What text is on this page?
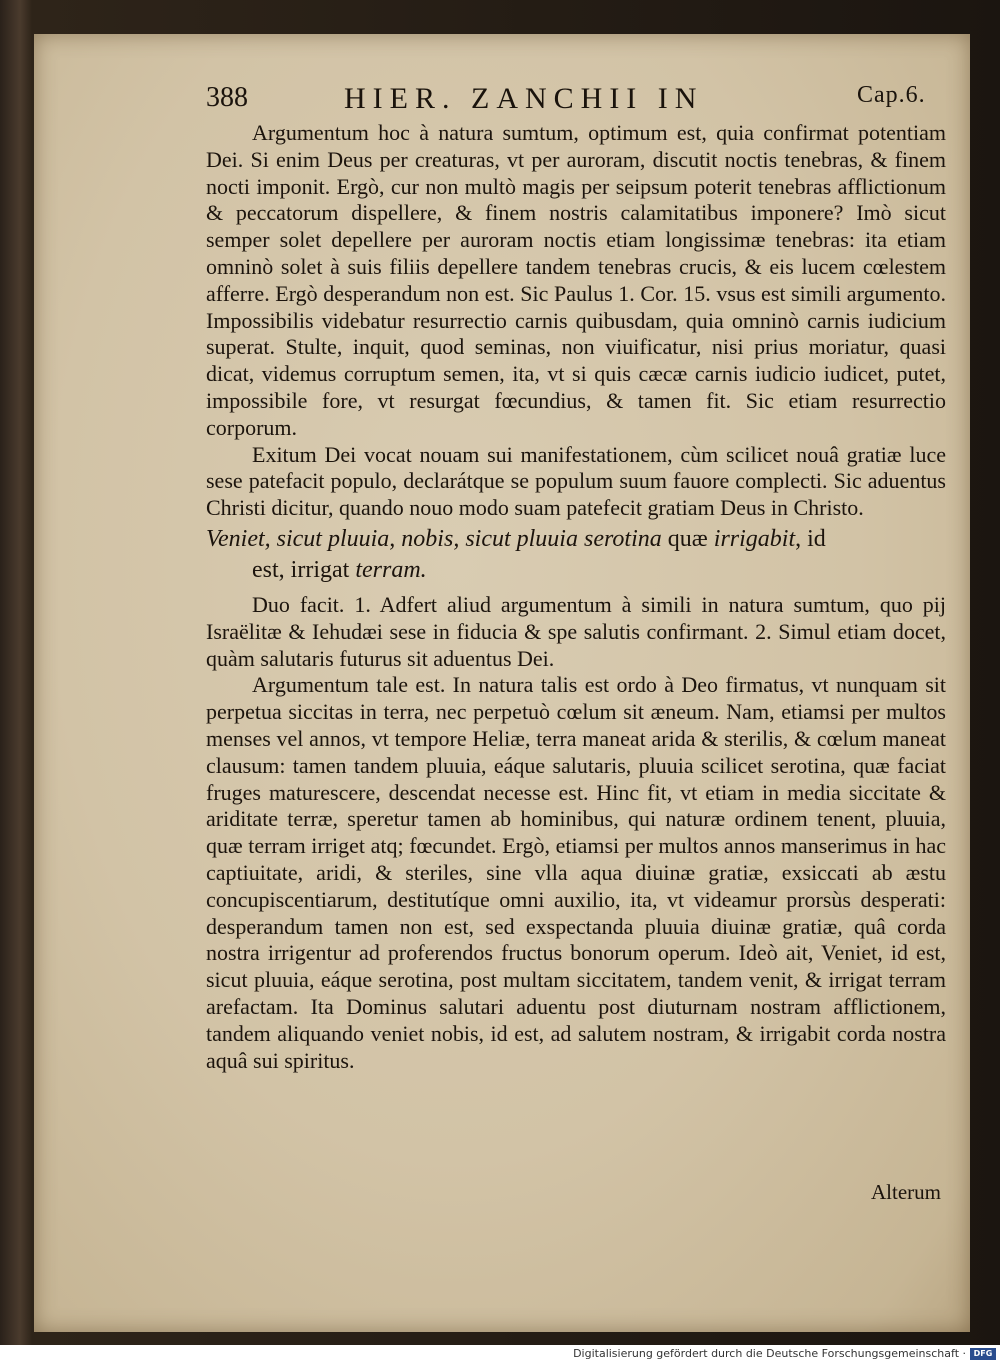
388	HIER. ZANCHII IN	Cap.6.

Argumentum hoc à natura sumtum, optimum est, quia confirmat potentiam Dei. Si enim Deus per creaturas, vt per auroram, discutit noctis tenebras, & finem nocti imponit. Ergò, cur non multò magis per seipsum poterit tenebras afflictionum & peccatorum dispellere, & finem nostris calamitatibus imponere? Imò sicut semper solet depellere per auroram noctis etiam longissimæ tenebras: ita etiam omninò solet à suis filiis depellere tandem tenebras crucis, & eis lucem cœlestem afferre. Ergò desperandum non est. Sic Paulus 1. Cor. 15. vsus est simili argumento. Impossibilis videbatur resurrectio carnis quibusdam, quia omninò carnis iudicium superat. Stulte, inquit, quod seminas, non viuificatur, nisi prius moriatur, quasi dicat, videmus corruptum semen, ita, vt si quis cæcæ carnis iudicio iudicet, putet, impossibile fore, vt resurgat fœcundius, & tamen fit. Sic etiam resurrectio corporum.

Exitum Dei vocat nouam sui manifestationem, cùm scilicet nouâ gratiæ luce sese patefacit populo, declarátque se populum suum fauore complecti. Sic aduentus Christi dicitur, quando nouo modo suam patefecit gratiam Deus in Christo.

Veniet, sicut pluuia, nobis, sicut pluuia serotina quæ irrigabit, id
est, irrigat terram.

Duo facit. 1. Adfert aliud argumentum à simili in natura sumtum, quo pij Israëlitæ & Iehudæi sese in fiducia & spe salutis confirmant. 2. Simul etiam docet, quàm salutaris futurus sit aduentus Dei.

Argumentum tale est. In natura talis est ordo à Deo firmatus, vt nunquam sit perpetua siccitas in terra, nec perpetuò cœlum sit æneum. Nam, etiamsi per multos menses vel annos, vt tempore Heliæ, terra maneat arida & sterilis, & cœlum maneat clausum: tamen tandem pluuia, eáque salutaris, pluuia scilicet serotina, quæ faciat fruges maturescere, descendat necesse est. Hinc fit, vt etiam in media siccitate & ariditate terræ, speretur tamen ab hominibus, qui naturæ ordinem tenent, pluuia, quæ terram irriget atq; fœcundet. Ergò, etiamsi per multos annos manserimus in hac captiuitate, aridi, & steriles, sine vlla aqua diuinæ gratiæ, exsiccati ab æstu concupiscentiarum, destitutíque omni auxilio, ita, vt videamur prorsùs desperati: desperandum tamen non est, sed exspectanda pluuia diuinæ gratiæ, quâ corda nostra irrigentur ad proferendos fructus bonorum operum. Ideò ait, Veniet, id est, sicut pluuia, eáque serotina, post multam siccitatem, tandem venit, & irrigat terram arefactam. Ita Dominus salutari aduentu post diuturnam nostram afflictionem, tandem aliquando veniet nobis, id est, ad salutem nostram, & irrigabit corda nostra aquâ sui spiritus.

Alterum
Digitalisierung gefördert durch die Deutsche Forschungsgemeinschaft · DFG
